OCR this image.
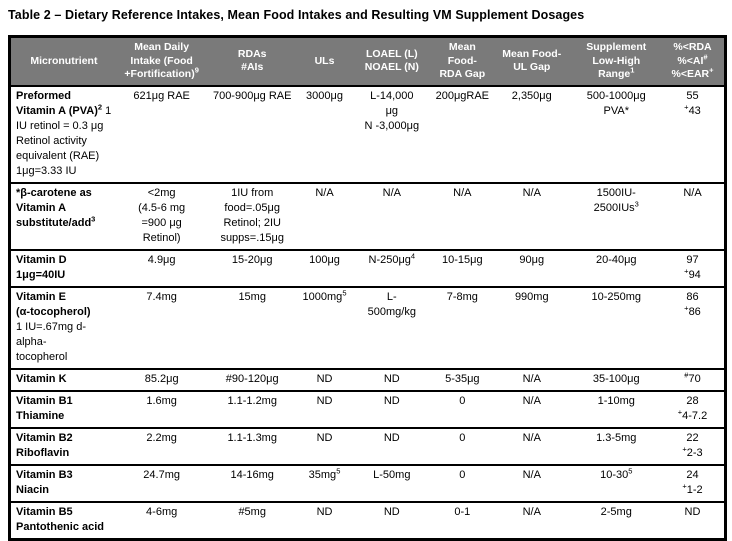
Table 2 – Dietary Reference Intakes, Mean Food Intakes and Resulting VM Supplement Dosages

Micronutrient	Mean Daily
Intake (Food
+Fortification)$^9$	RDAs
#AIs	ULs	LOAEL (L)
NOAEL (N)	Mean
Food-
RDA Gap	Mean Food-
UL Gap	Supplement
Low-High
Range$^1$	%<RDA
%<AI#
%<EAR+
Preformed
Vitamin A (PVA)$^2$ 1
IU retinol = 0.3 μg
Retinol activity
equivalent (RAE)
1μg=3.33 IU	621μg RAE	700-900μg RAE	3000μg	L-14,000
μg
N -3,000μg	200μgRAE	2,350μg	500-1000μg
PVA*	55
+43
*β-carotene as
Vitamin A
substitute/add$^3$	<2mg
(4.5-6 mg
=900 μg
Retinol)	1IU from
food=.05μg
Retinol; 2IU
supps=.15μg	N/A	N/A	N/A	N/A	1500IU-
2500IUs$^3$	N/A
Vitamin D
1μg=40IU	4.9μg	15-20μg	100μg	$N-250\mu g^4$	10-15μg	90μg	20-40μg	97
+94
Vitamin E
(α-tocopherol)
1 IU=.67mg d-
alpha-
tocopherol	7.4mg	15mg	$1000mg^5$	L-
500mg/kg	7-8mg	990mg	10-250mg	86
+86
Vitamin K	85.2μg	#90-120μg	ND	ND	5-35μg	N/A	35-100μg	#70
Vitamin B1
Thiamine	1.6mg	1.1-1.2mg	ND	ND	0	N/A	1-10mg	28
+4-7.2
Vitamin B2
Riboflavin	2.2mg	1.1-1.3mg	ND	ND	0	N/A	1.3-5mg	22
+2-3
Vitamin B3
Niacin	24.7mg	14-16mg	$35mg^5$	L-50mg	0	N/A	$10-30^5$	24
+1-2
Vitamin B5
Pantothenic acid	4-6mg	#5mg	ND	ND	0-1	N/A	2-5mg	ND
